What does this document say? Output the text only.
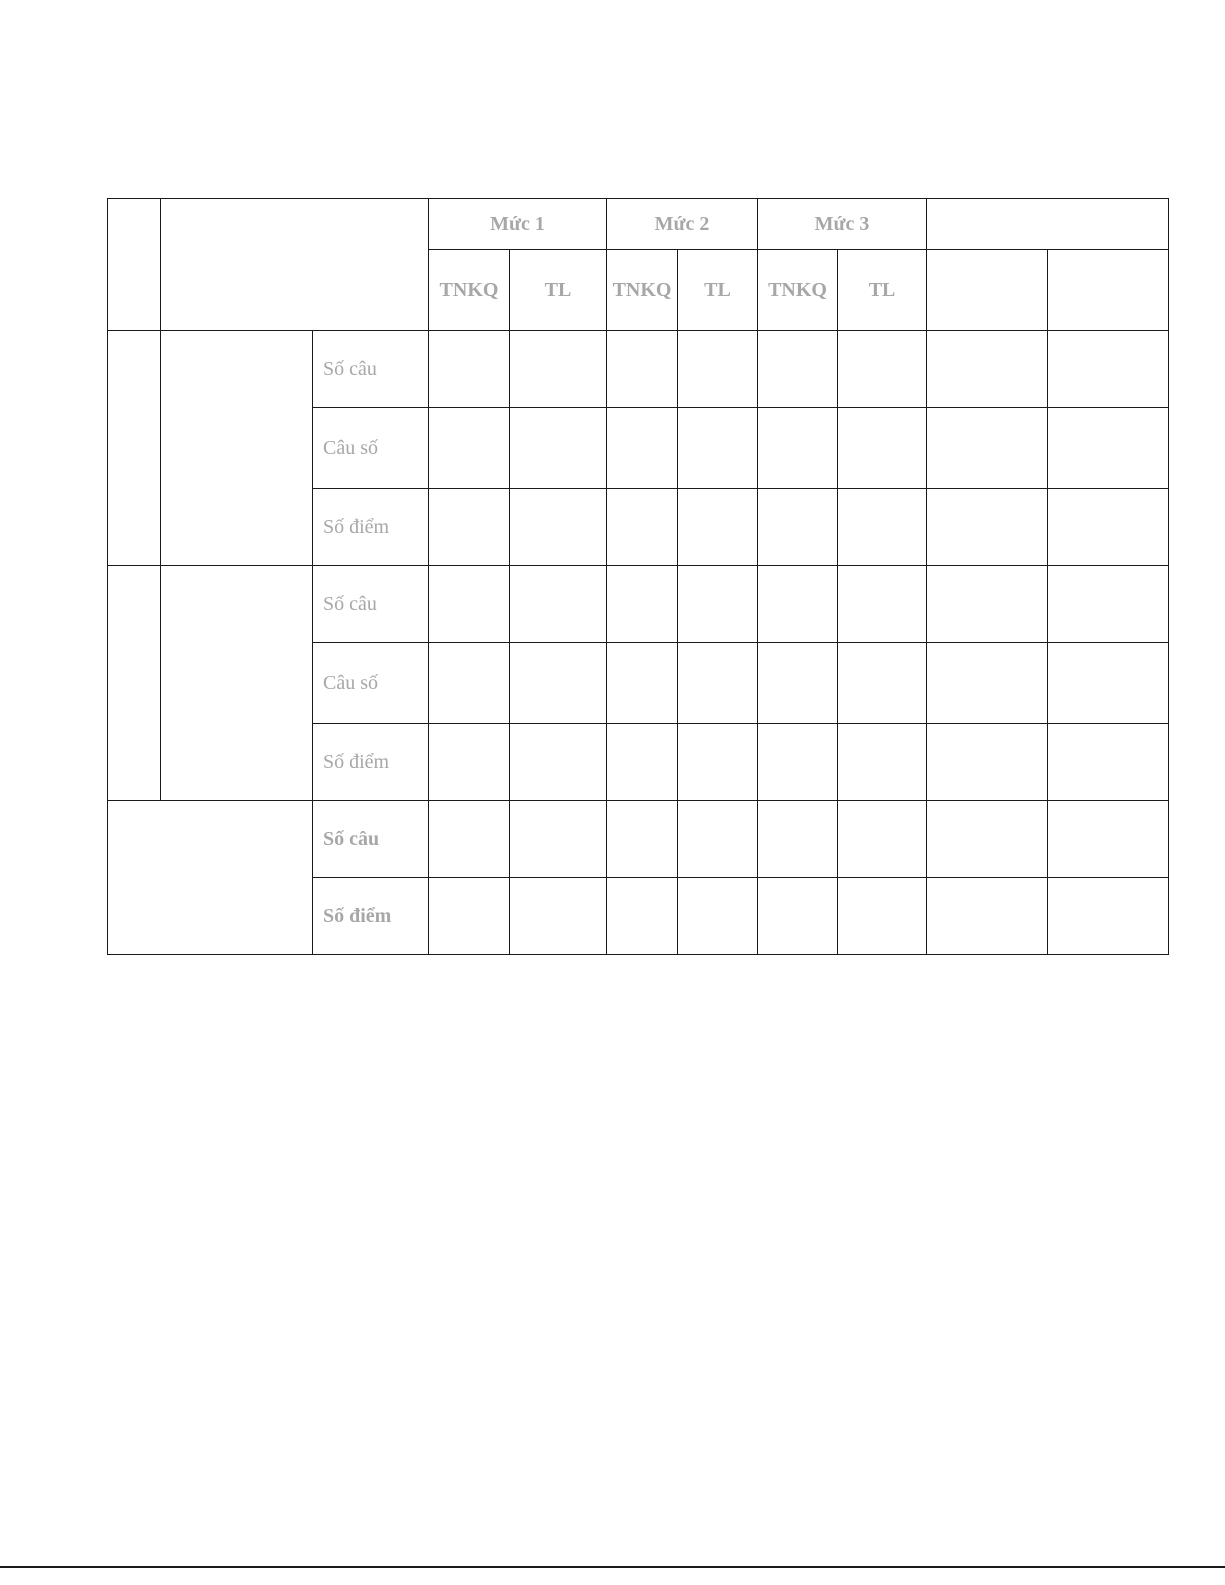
			Mức 1		Mức 2		Mức 3			
			TNKQ	TL	TNKQ	TL	TNKQ	TL		
		Số câu								
		Câu số								
		Số điểm								
		Số câu								
		Câu số								
		Số điểm								
		Số câu								
		Số điểm								
